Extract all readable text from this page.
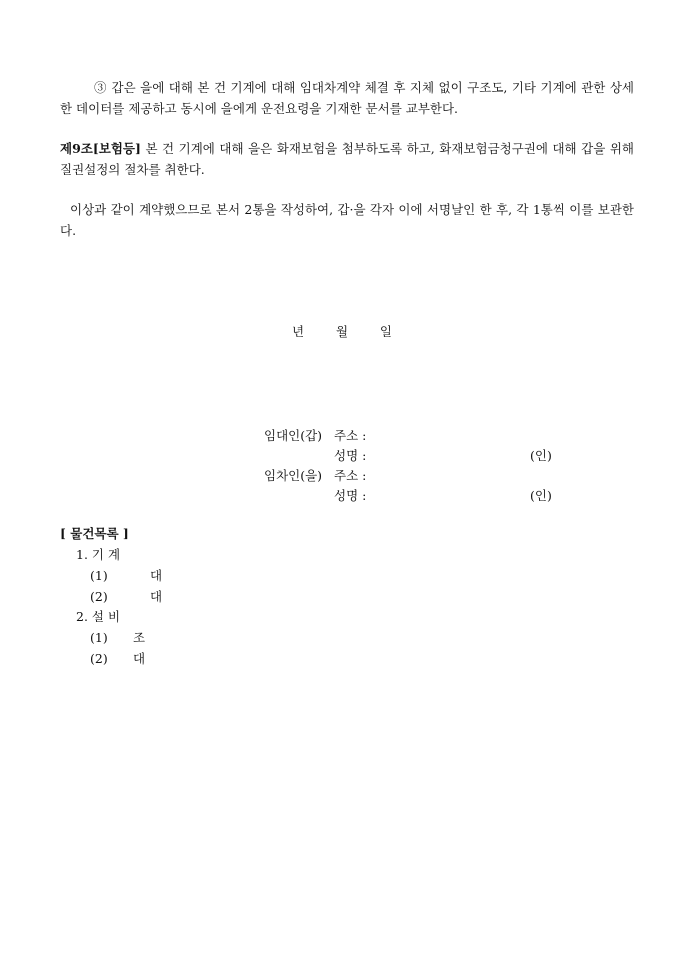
③ 갑은 을에 대해 본 건 기계에 대해 임대차계약 체결 후 지체 없이 구조도, 기타 기계에 관한 상세한 데이터를 제공하고 동시에 을에게 운전요령을 기재한 문서를 교부한다.

제9조[보험등] 본 건 기계에 대해 을은 화재보험을 첨부하도록 하고, 화재보험금청구권에 대해 갑을 위해 질권설정의 절차를 취한다.

이상과 같이 계약했으므로 본서 2통을 작성하여, 갑·을 각자 이에 서명날인 한 후, 각 1통씩 이를 보관한다.

년	월	일
임대인(갑) 주소 :
성명 :	(인)
임차인(을) 주소 :
성명 :	(인)
[ 물건목록 ]
1. 기 계
(1)	대
(2)	대
2. 설 비
(1) 조
(2) 대
